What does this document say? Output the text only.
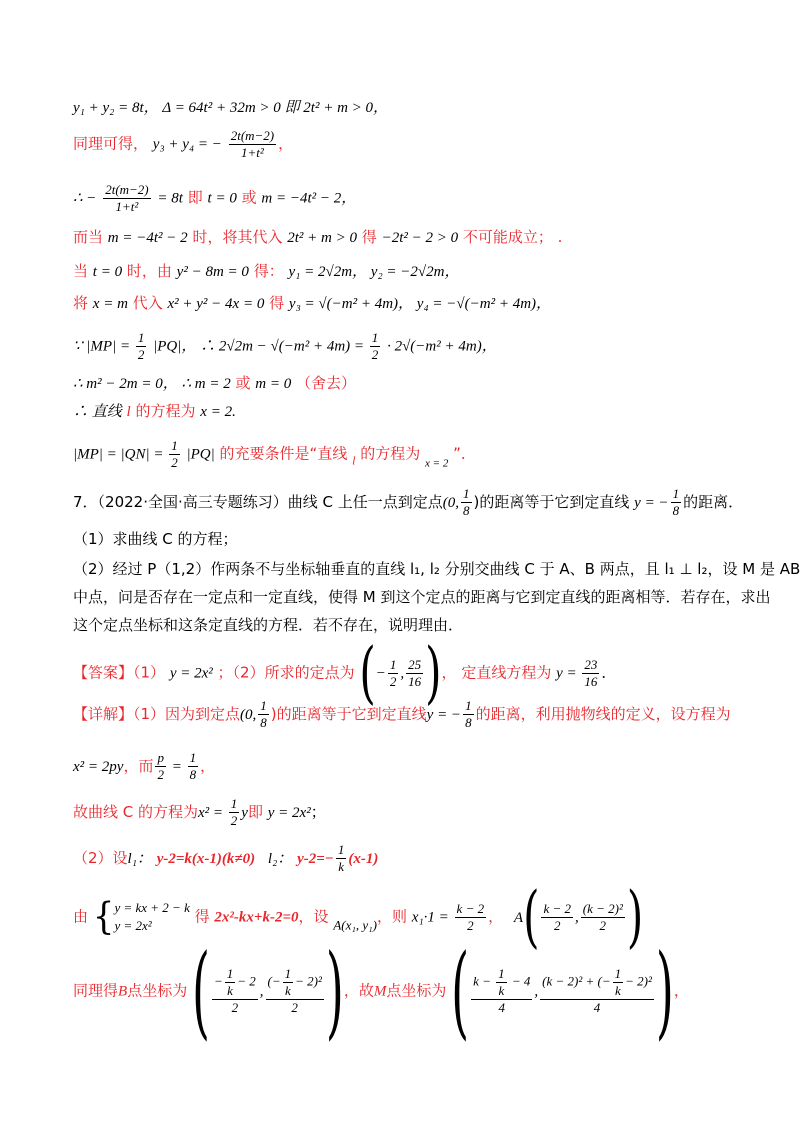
y₁ + y₂ = 8t， Δ = 64t² + 32m > 0 即 2t² + m > 0，
同理可得， y₃ + y₄ = − $\frac{2t(m-2)}{\text{1+t²}}$ ，
∴ − $\frac{2t(m-2)}{\text{1+t²}} = 8t$ 即 t = 0 或 m = −4t² − 2，
而当 m = −4t² − 2 时，将其代入 2t² + m > 0 得 −2t² − 2 > 0 不可能成立； .
当 t = 0 时，由 y² − 8m = 0 得： y₁ = 2√2m， y₂ = −2√2m，
将 x = m 代入 x² + y² − 4x = 0 得 y₃ = √(−m² + 4m)， y₄ = −√(−m² + 4m)，
∵ $|MP| = \frac{1}{2} |PQ|$， ∴ $2√2m - √(-m^2 + 4m) = \frac{1}{2} \cdot 2√(-m^2 + 4m)$，
∴ m² − 2m = 0， ∴ m = 2 或 m = 0 （舍去）
∴ 直线 l 的方程为 x = 2.
$|MP| = |QN| = \frac{1}{2} |PQ|$ 的充要条件是“直线 $_l$ 的方程为 $_{x = 2}$ ”．
7．（2022·全国·高三专题练习）曲线 C 上任一点到定点(0, $\frac{1}{8}$ )的距离等于它到定直线 y = − $\frac{1}{8}$ 的距离．
（1）求曲线 C 的方程；
（2）经过 P（1,2）作两条不与坐标轴垂直的直线 l₁, l₂ 分别交曲线 C 于 A、B 两点，且 l₁ ⊥ l₂，设 M 是 AB
中点，问是否存在一定点和一定直线，使得 M 到这个定点的距离与它到定直线的距离相等．若存在，求出
这个定点坐标和这条定直线的方程．若不存在，说明理由．
【答案】（1） y = 2x² ；（2）所求的定点为 (− $\frac{1}{2}$ , $\frac{25}{16}$ )， 定直线方程为 $y = \frac{23}{16}$ ．
【详解】（1）因为到定点(0, $\frac{1}{8}$ )的距离等于它到定直线y = − $\frac{1}{8}$ 的距离，利用抛物线的定义，设方程为
x² = 2py，而 $\frac{p}{2} = \frac{1}{8}$ ，
故曲线 C 的方程为$x^2 = \frac{1}{2}$ y即 y = 2x²；
（2）设l₁： y-2=k(x-1)(k≠0) l₂： $y-2=- \frac{1}{k} (x-1)$
由 { y = kx + 2 − k
y = 2x²	得 2x²-kx+k-2=0，设 A(x₁, y₁)，则 $x_1\cdot 1 = \frac{k - 2}{2}$ ， $A( \frac{k - 2}{2}$ , $\frac{\text{(k − 2)²}}{2}$ )
同理得B点坐标为 ( $\frac{- \frac{1}{k} - 2}{2}$ , $\frac{(- \frac{1}{k} - 2)^2}{2}$ )，故M点坐标为 ( $\frac{k - \frac{1}{k} - 4}{4}$ , $\frac{(k - 2)^2 + (- \frac{1}{k} - 2)^2}{4}$ )，
